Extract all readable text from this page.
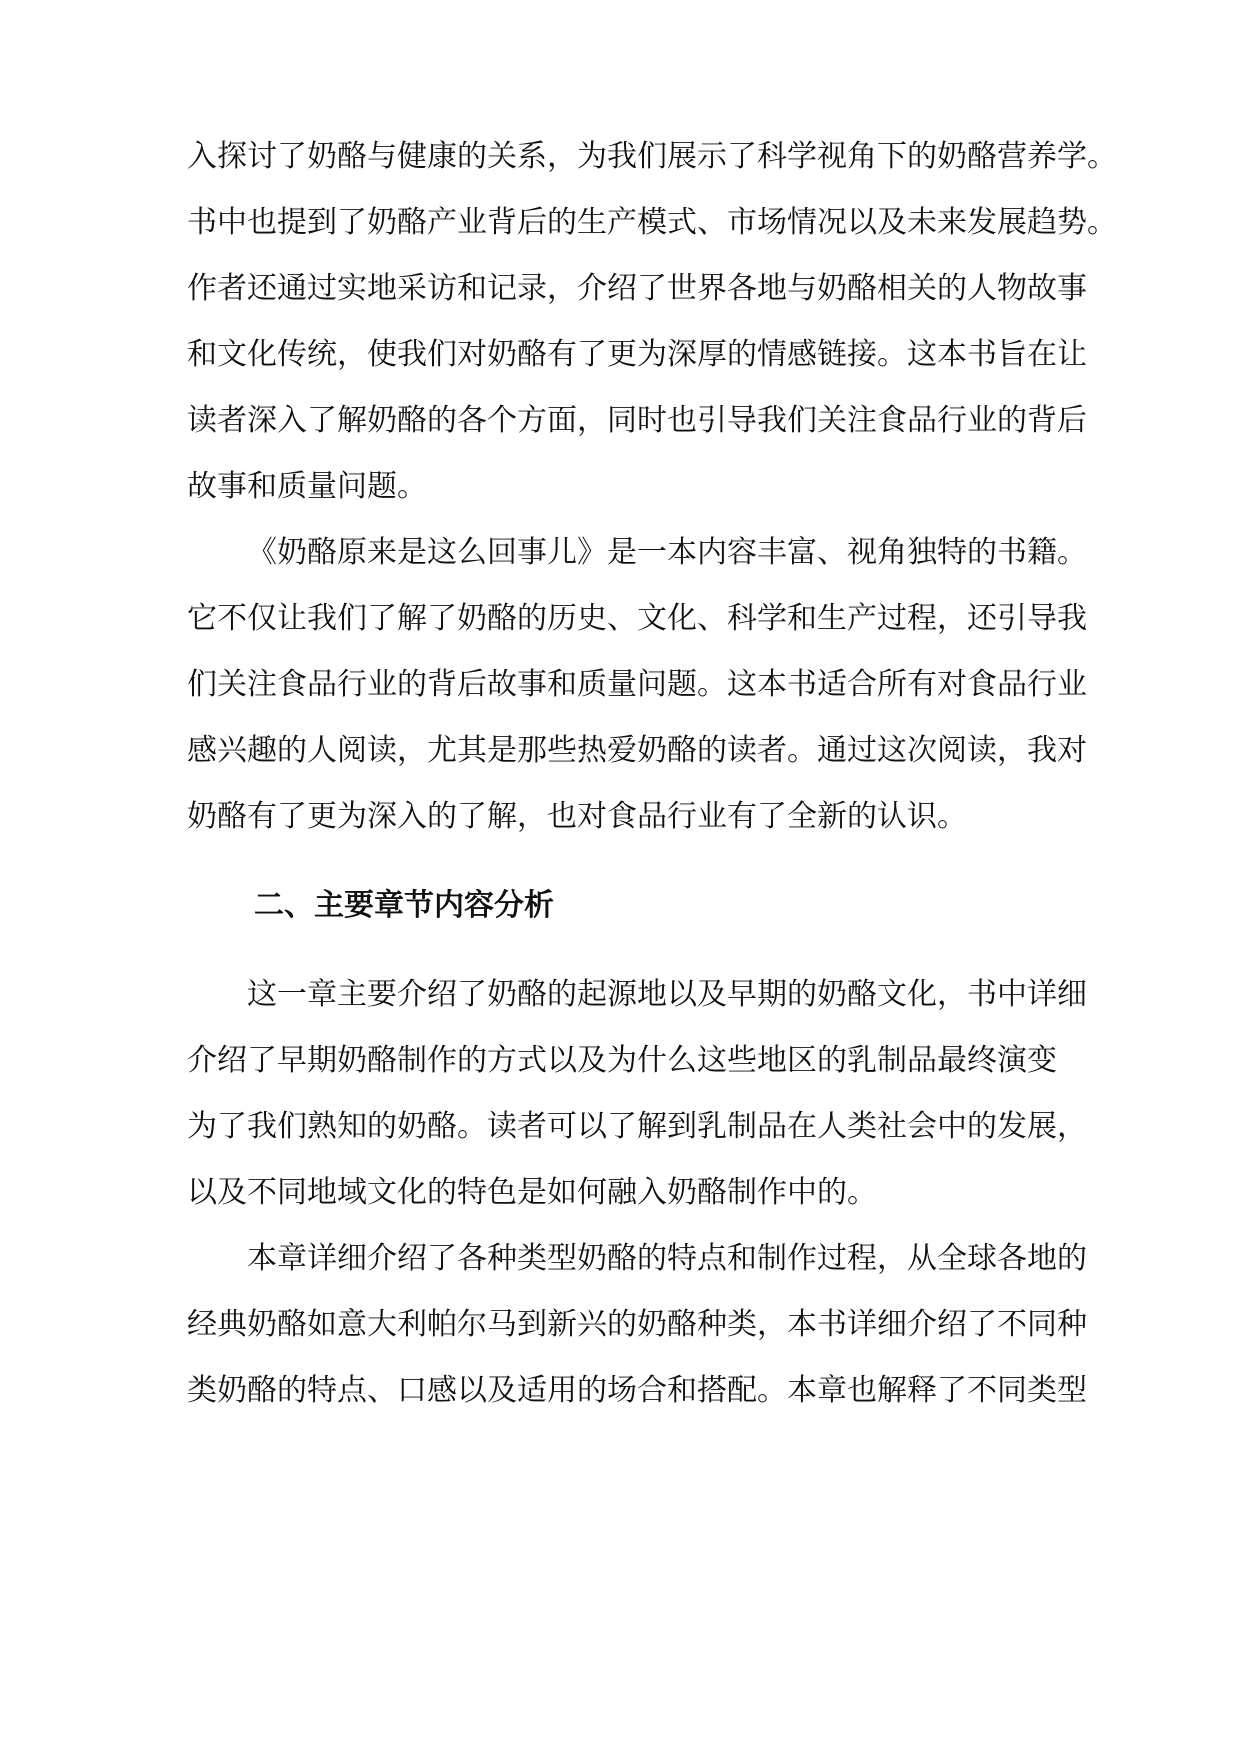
入探讨了奶酪与健康的关系，为我们展示了科学视角下的奶酪营养学。
书中也提到了奶酪产业背后的生产模式、市场情况以及未来发展趋势。
作者还通过实地采访和记录，介绍了世界各地与奶酪相关的人物故事
和文化传统，使我们对奶酪有了更为深厚的情感链接。这本书旨在让
读者深入了解奶酪的各个方面，同时也引导我们关注食品行业的背后
故事和质量问题。
《奶酪原来是这么回事儿》是一本内容丰富、视角独特的书籍。
它不仅让我们了解了奶酪的历史、文化、科学和生产过程，还引导我
们关注食品行业的背后故事和质量问题。这本书适合所有对食品行业
感兴趣的人阅读，尤其是那些热爱奶酪的读者。通过这次阅读，我对
奶酪有了更为深入的了解，也对食品行业有了全新的认识。
二、主要章节内容分析
这一章主要介绍了奶酪的起源地以及早期的奶酪文化，书中详细
介绍了早期奶酪制作的方式以及为什么这些地区的乳制品最终演变
为了我们熟知的奶酪。读者可以了解到乳制品在人类社会中的发展，
以及不同地域文化的特色是如何融入奶酪制作中的。
本章详细介绍了各种类型奶酪的特点和制作过程，从全球各地的
经典奶酪如意大利帕尔马到新兴的奶酪种类，本书详细介绍了不同种
类奶酪的特点、口感以及适用的场合和搭配。本章也解释了不同类型
